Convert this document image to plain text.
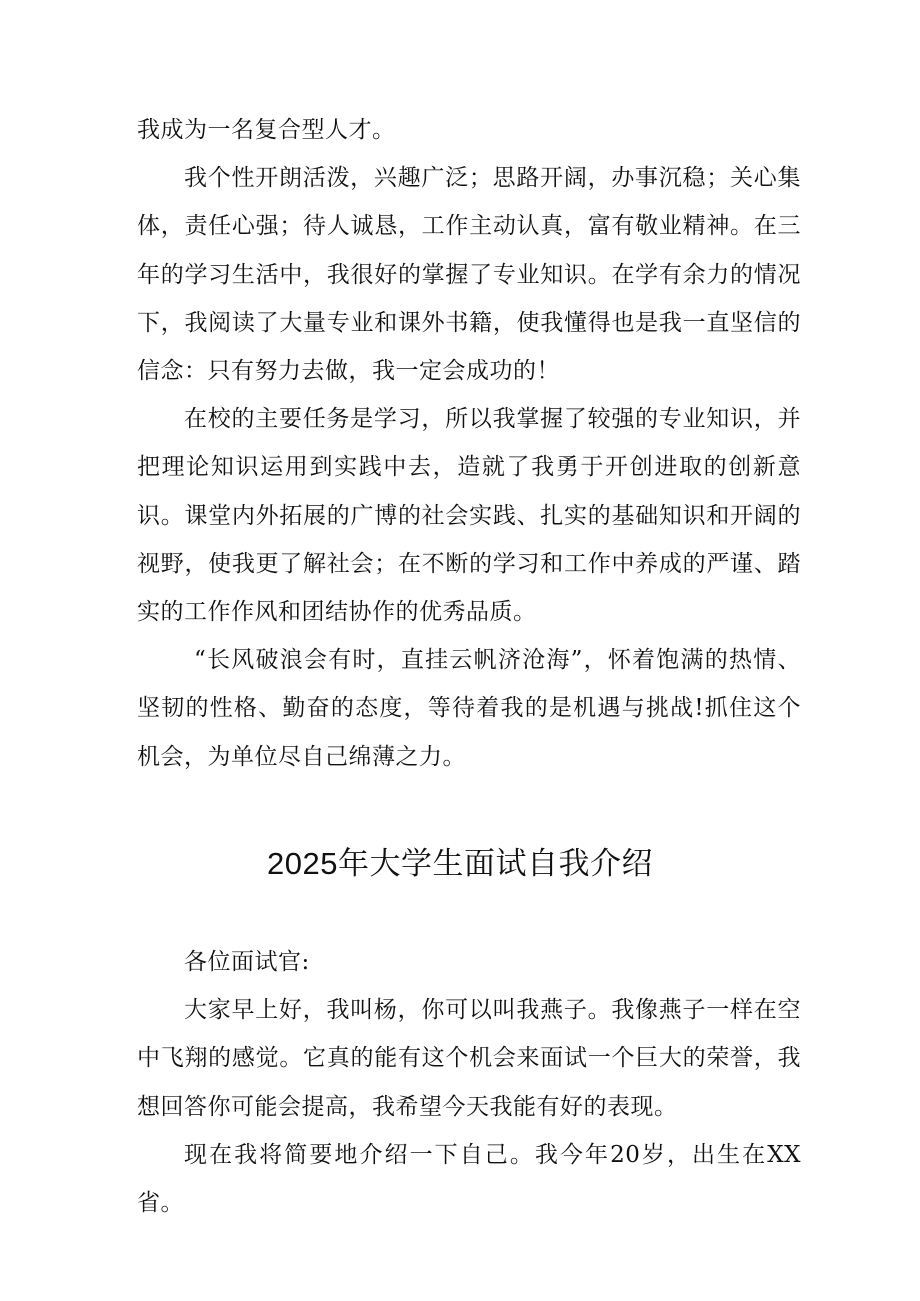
我成为一名复合型人才。

我个性开朗活泼，兴趣广泛；思路开阔，办事沉稳；关心集体，责任心强；待人诚恳，工作主动认真，富有敬业精神。在三年的学习生活中，我很好的掌握了专业知识。在学有余力的情况下，我阅读了大量专业和课外书籍，使我懂得也是我一直坚信的信念：只有努力去做，我一定会成功的！

在校的主要任务是学习，所以我掌握了较强的专业知识，并把理论知识运用到实践中去，造就了我勇于开创进取的创新意识。课堂内外拓展的广博的社会实践、扎实的基础知识和开阔的视野，使我更了解社会；在不断的学习和工作中养成的严谨、踏实的工作作风和团结协作的优秀品质。

“长风破浪会有时，直挂云帆济沧海”，怀着饱满的热情、坚韧的性格、勤奋的态度，等待着我的是机遇与挑战!抓住这个机会，为单位尽自己绵薄之力。

2025年大学生面试自我介绍

各位面试官:

大家早上好，我叫杨，你可以叫我燕子。我像燕子一样在空中飞翔的感觉。它真的能有这个机会来面试一个巨大的荣誉，我想回答你可能会提高，我希望今天我能有好的表现。

现在我将简要地介绍一下自己。我今年20岁，出生在XX省。
